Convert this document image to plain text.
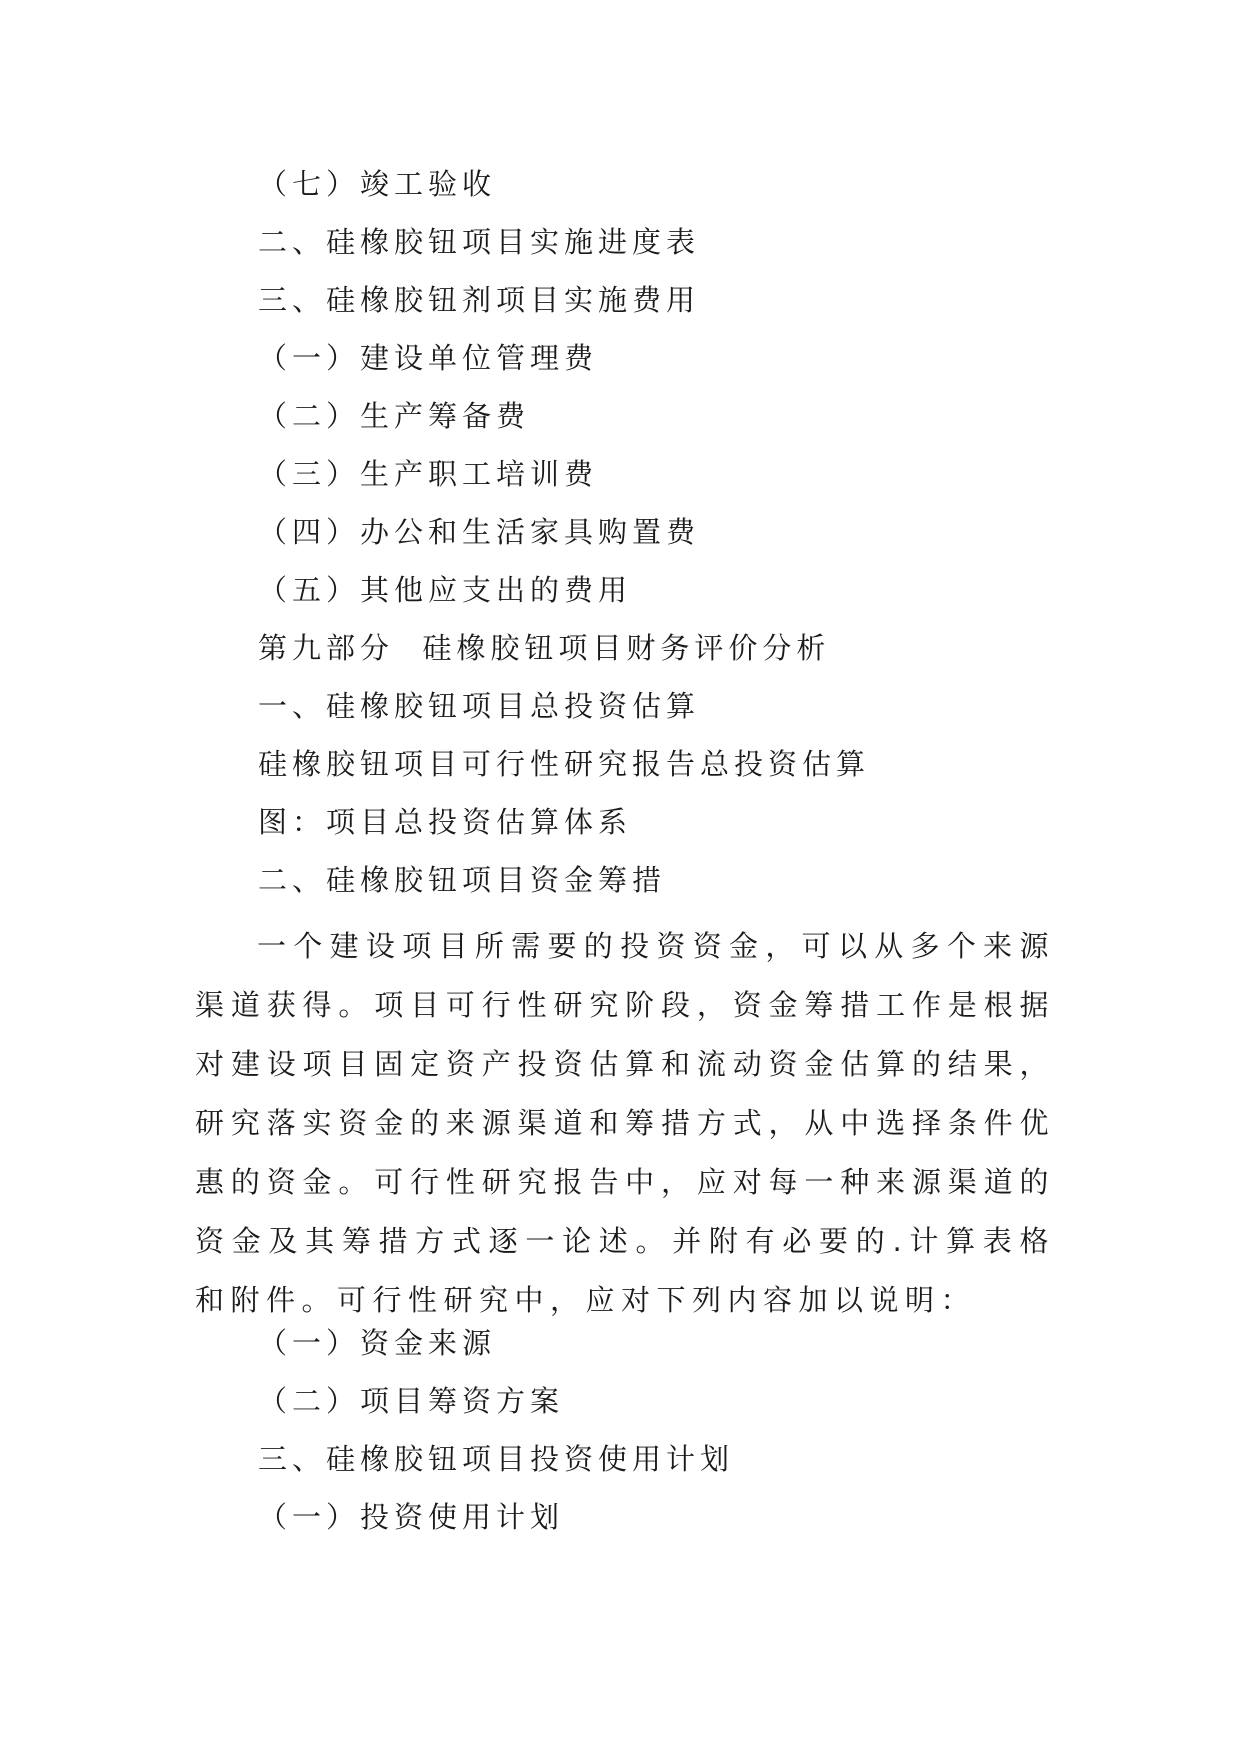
（七）竣工验收
二、硅橡胶钮项目实施进度表
三、硅橡胶钮剂项目实施费用
（一）建设单位管理费
（二）生产筹备费
（三）生产职工培训费
（四）办公和生活家具购置费
（五）其他应支出的费用
第九部分  硅橡胶钮项目财务评价分析
一、硅橡胶钮项目总投资估算
硅橡胶钮项目可行性研究报告总投资估算
图：项目总投资估算体系
二、硅橡胶钮项目资金筹措
一个建设项目所需要的投资资金，可以从多个来源渠道获得。项目可行性研究阶段，资金筹措工作是根据对建设项目固定资产投资估算和流动资金估算的结果，研究落实资金的来源渠道和筹措方式，从中选择条件优惠的资金。可行性研究报告中，应对每一种来源渠道的资金及其筹措方式逐一论述。并附有必要的.计算表格和附件。可行性研究中，应对下列内容加以说明：
（一）资金来源
（二）项目筹资方案
三、硅橡胶钮项目投资使用计划
（一）投资使用计划
